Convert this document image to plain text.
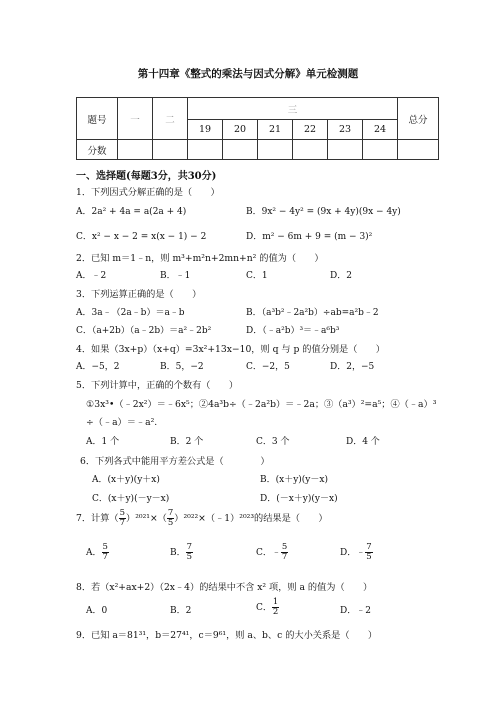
第十四章《整式的乘法与因式分解》单元检测题
题号	一	二	三						总分
			19	20	21	22	23	24	
分数									
一、选择题(每题3分，共30分)
1．下列因式分解正确的是（　　）
A．2a² + 4a = a(2a + 4)	B．9x² − 4y² = (9x + 4y)(9x − 4y)
C．x² − x − 2 = x(x − 1) − 2	D．m² − 6m + 9 = (m − 3)²
2．已知 m＝1﹣n，则 m³+m²n+2mn+n² 的值为（　　）
A．﹣2	B．﹣1	C．1	D．2
3．下列运算正确的是（　　）
A．3a﹣（2a﹣b）＝a﹣b	B．（a³b²﹣2a²b）÷ab=a²b﹣2
C．（a+2b）（a﹣2b）＝a²﹣2b²	D．（﹣a²b）³＝﹣a⁶b³
4．如果（3x+p）（x+q）=3x²+13x−10，则 q 与 p 的值分别是（　　）
A．−5，2	B．5，−2	C．−2，5	D．2，−5
5．下列计算中，正确的个数有（　　）
①3x³•（﹣2x²）＝﹣6x⁵；②4a³b÷（﹣2a²b）＝﹣2a；③（a³）²=a⁵；④（﹣a）³
÷（﹣a）＝﹣a².
A．1 个	B．2 个	C．3 个	D．4 个
6．下列各式中能用平方差公式是（　　　　）
A．(x＋y)(y＋x)	B．(x＋y)(y－x)
C．(x＋y)(－y－x)	D．(－x＋y)(y－x)
7．计算（ $\frac{5}{7} )^{2021}\times( \frac{7}{5}$ ）²⁰²²×（﹣1）²⁰²³的结果是（　　）
A． $\frac{5}{7}$	B． $\frac{7}{5}$	C．﹣ $\frac{5}{7}$	D．﹣ $\frac{7}{5}$
8．若（x²+ax+2）（2x﹣4）的结果中不含 x² 项，则 a 的值为（　　）
A．0	B．2	C． $\frac{1}{2}$	D．﹣2
9．已知 a＝81³¹，b＝27⁴¹，c＝9⁶¹，则 a、b、c 的大小关系是（　　）
